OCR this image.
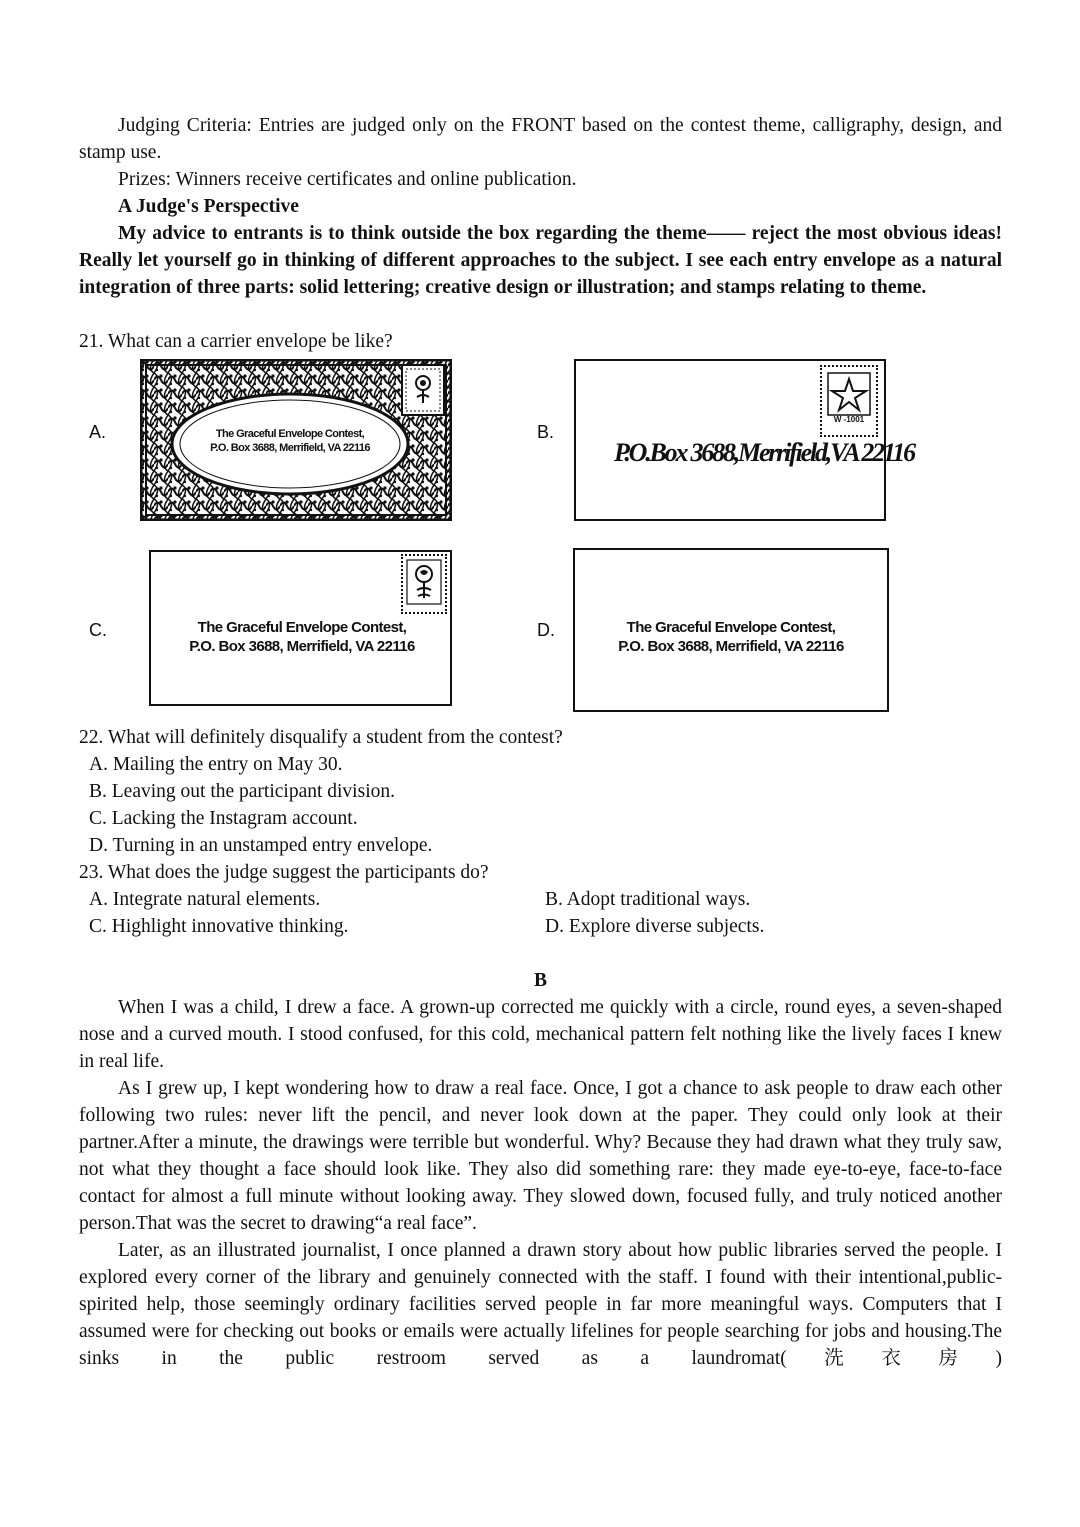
Judging Criteria: Entries are judged only on the FRONT based on the contest theme, calligraphy, design, and stamp use.

Prizes: Winners receive certificates and online publication.

A Judge's Perspective

My advice to entrants is to think outside the box regarding the theme—— reject the most obvious ideas! Really let yourself go in thinking of different approaches to the subject. I see each entry envelope as a natural integration of three parts: solid lettering; creative design or illustration; and stamps relating to theme.

21. What can a carrier envelope be like?

A.	The Graceful Envelope Contest,
P.O. Box 3688, Merrifield, VA 22116
B.
W -1001
P.O.Box 3688,Merrifield,VA 22116
C.	The Graceful Envelope Contest,
P.O. Box 3688, Merrifield, VA 22116
D.	The Graceful Envelope Contest,
P.O. Box 3688, Merrifield, VA 22116

22. What will definitely disqualify a student from the contest?

A. Mailing the entry on May 30.

B. Leaving out the participant division.

C. Lacking the Instagram account.

D. Turning in an unstamped entry envelope.

23. What does the judge suggest the participants do?

A. Integrate natural elements.	B. Adopt traditional ways.
C. Highlight innovative thinking.	D. Explore diverse subjects.

B

When I was a child, I drew a face. A grown-up corrected me quickly with a circle, round eyes, a seven-shaped nose and a curved mouth. I stood confused, for this cold, mechanical pattern felt nothing like the lively faces I knew in real life.

As I grew up, I kept wondering how to draw a real face. Once, I got a chance to ask people to draw each other following two rules: never lift the pencil, and never look down at the paper. They could only look at their partner.After a minute, the drawings were terrible but wonderful. Why? Because they had drawn what they truly saw, not what they thought a face should look like. They also did something rare: they made eye-to-eye, face-to-face contact for almost a full minute without looking away. They slowed down, focused fully, and truly noticed another person.That was the secret to drawing“a real face”.

Later, as an illustrated journalist, I once planned a drawn story about how public libraries served the people. I explored every corner of the library and genuinely connected with the staff. I found with their intentional,public-spirited help, those seemingly ordinary facilities served people in far more meaningful ways. Computers that I assumed were for checking out books or emails were actually lifelines for people searching for jobs and housing.The sinks in the public restroom served as a laundromat(洗衣房)
